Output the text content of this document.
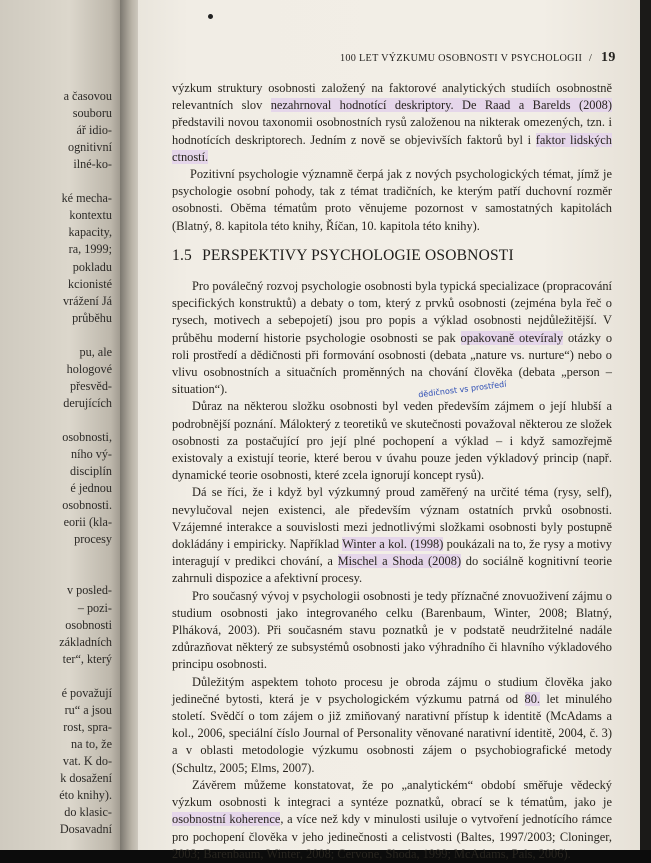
a časovou
souboru
ář idio-
ognitivní
ilné-ko-
ké mecha-
kontextu
kapacity,
ra, 1999;
pokladu
kcionisté
vrážení Já
průběhu
pu, ale
hologové
přesvěd-
derujících
osobnosti,
ního vý-
disciplín
é jednou
osobnosti.
eorii (kla-
procesy
v posled-
– pozi-
osobnosti
základních
ter“, který
é považují
ru“ a jsou
rost, spra-
na to, že
vat. K do-
k dosažení
éto knihy).
do klasic-
Dosavadní
100 LET VÝZKUMU OSOBNOSTI V PSYCHOLOGII / 19

výzkum struktury osobnosti založený na faktorové analytických studiích osobnostně relevantních slov nezahrnoval hodnotící deskriptory. De Raad a Barelds (2008) představili novou taxonomii osobnostních rysů založenou na nikterak omezených, tzn. i hodnotících deskriptorech. Jedním z nově se objevivších faktorů byl i faktor lidských ctností.

Pozitivní psychologie významně čerpá jak z nových psychologických témat, jímž je psychologie osobní pohody, tak z témat tradičních, ke kterým patří duchovní rozměr osobnosti. Oběma tématům proto věnujeme pozornost v samostatných kapitolách (Blatný, 8. kapitola této knihy, Říčan, 10. kapitola této knihy).

1.5 PERSPEKTIVY PSYCHOLOGIE OSOBNOSTI
dědičnost vs prostředí

Pro poválečný rozvoj psychologie osobnosti byla typická specializace (propracování specifických konstruktů) a debaty o tom, který z prvků osobnosti (zejména byla řeč o rysech, motivech a sebepojetí) jsou pro popis a výklad osobnosti nejdůležitější. V průběhu moderní historie psychologie osobnosti se pak opakovaně otevíraly otázky o roli prostředí a dědičnosti při formování osobnosti (debata „nature vs. nurture“) nebo o vlivu osobnostních a situačních proměnných na chování člověka (debata „person – situation“).

Důraz na některou složku osobnosti byl veden především zájmem o její hlubší a podrobnější poznání. Málokterý z teoretiků ve skutečnosti považoval některou ze složek osobnosti za postačující pro její plné pochopení a výklad – i když samozřejmě existovaly a existují teorie, které berou v úvahu pouze jeden výkladový princip (např. dynamické teorie osobnosti, které zcela ignorují koncept rysů).

Dá se říci, že i když byl výzkumný proud zaměřený na určité téma (rysy, self), nevylučoval nejen existenci, ale především význam ostatních prvků osobnosti. Vzájemné interakce a souvislosti mezi jednotlivými složkami osobnosti byly postupně dokládány i empiricky. Například Winter a kol. (1998) poukázali na to, že rysy a motivy interagují v predikci chování, a Mischel a Shoda (2008) do sociálně kognitivní teorie zahrnuli dispozice a afektivní procesy.

Pro současný vývoj v psychologii osobnosti je tedy příznačné znovuoživení zájmu o studium osobnosti jako integrovaného celku (Barenbaum, Winter, 2008; Blatný, Plháková, 2003). Při současném stavu poznatků je v podstatě neudržitelné nadále zdůrazňovat některý ze subsystémů osobnosti jako výhradního či hlavního výkladového principu osobnosti.

Důležitým aspektem tohoto procesu je obroda zájmu o studium člověka jako jedinečné bytosti, která je v psychologickém výzkumu patrná od 80. let minulého století. Svědčí o tom zájem o již zmiňovaný narativní přístup k identitě (McAdams a kol., 2006, speciální číslo Journal of Personality věnované narativní identitě, 2004, č. 3) a v oblasti metodologie výzkumu osobnosti zájem o psychobiografické metody (Schultz, 2005; Elms, 2007).

Závěrem můžeme konstatovat, že po „analytickém“ období směřuje vědecký výzkum osobnosti k integraci a syntéze poznatků, obrací se k tématům, jako je osobnostní koherence, a více než kdy v minulosti usiluje o vytvoření jednotícího rámce pro pochopení člověka v jeho jedinečnosti a celistvosti (Baltes, 1997/2003; Cloninger, 2003; Barenbaum, Winter, 2008; Cervone, Shoda, 1999; McAdams, Pals, 2006).
